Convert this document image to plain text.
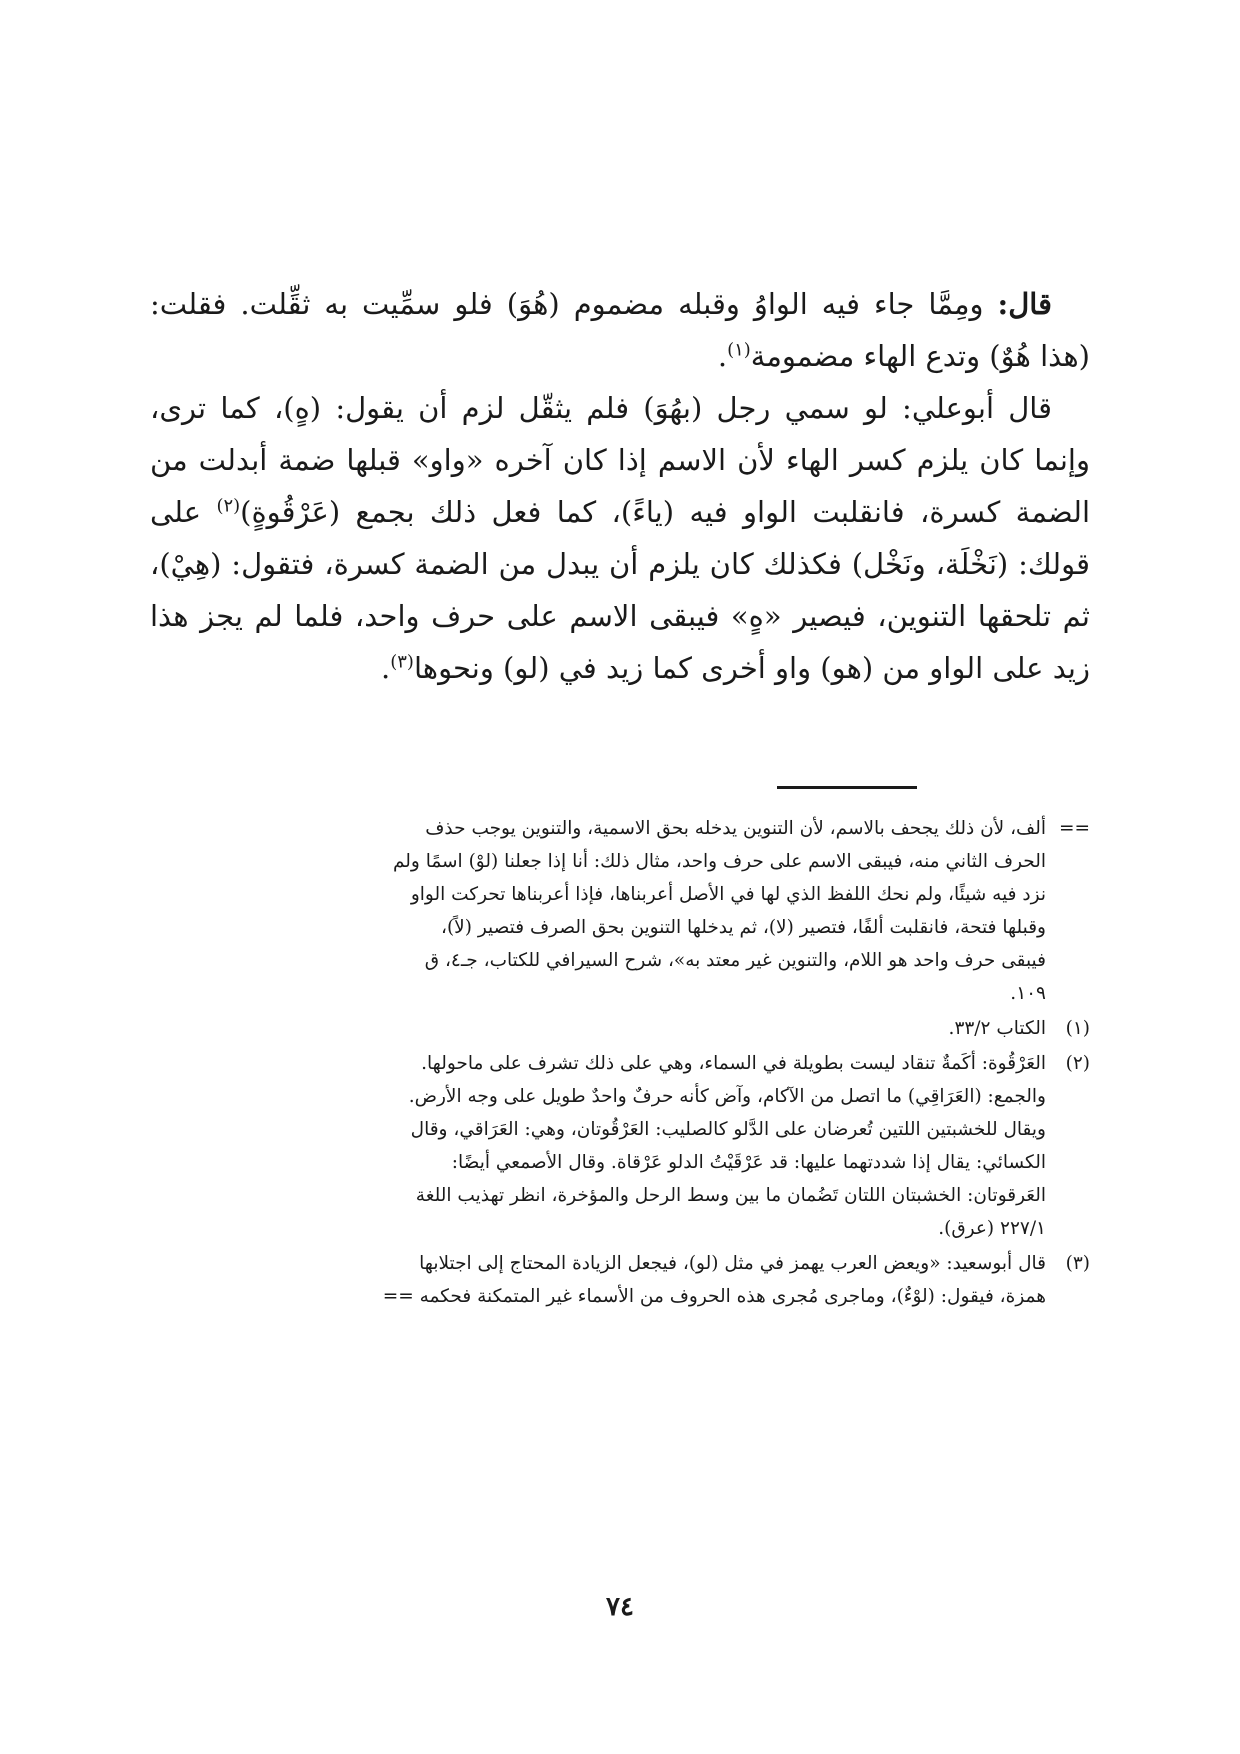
قال: ومِمَّا جاء فيه الواوُ وقبله مضموم (هُوَ) فلو سمِّيت به ثقِّلت. فقلت: (هذا هُوٌ) وتدع الهاء مضمومة$^{(١)}$.

قال أبوعلي: لو سمي رجل (بهُوَ) فلم يثقّل لزم أن يقول: (هٍ)، كما ترى، وإنما كان يلزم كسر الهاء لأن الاسم إذا كان آخره «واو» قبلها ضمة أبدلت من الضمة كسرة، فانقلبت الواو فيه (ياءً)، كما فعل ذلك بجمع (عَرْقُوةٍ)$^{(٢)}$ على قولك: (نَخْلَة، ونَخْل) فكذلك كان يلزم أن يبدل من الضمة كسرة، فتقول: (هِيْ)، ثم تلحقها التنوين، فيصير «هٍ» فيبقى الاسم على حرف واحد، فلما لم يجز هذا زيد على الواو من (هو) واو أخرى كما زيد في (لو) ونحوها$^{(٣)}$.

==
ألف، لأن ذلك يجحف بالاسم، لأن التنوين يدخله بحق الاسمية، والتنوين يوجب حذف
الحرف الثاني منه، فيبقى الاسم على حرف واحد، مثال ذلك: أنا إذا جعلنا (لوْ) اسمًا ولم
نزد فيه شيئًا، ولم نحك اللفظ الذي لها في الأصل أعربناها، فإذا أعربناها تحركت الواو
وقبلها فتحة، فانقلبت ألفًا، فتصير (لا)، ثم يدخلها التنوين بحق الصرف فتصير (لاً)،
فيبقى حرف واحد هو اللام، والتنوين غير معتد به»، شرح السيرافي للكتاب، جـ٤، ق
١٠٩.
(١)
الكتاب ٣٣/٢.
(٢)
العَرْقُوة: أكَمةٌ تنقاد ليست بطويلة في السماء، وهي على ذلك تشرف على ماحولها.
والجمع: (العَرَاقِي) ما اتصل من الآكام، وآض كأنه حرفٌ واحدٌ طويل على وجه الأرض.
ويقال للخشبتين اللتين تُعرضان على الدَّلو كالصليب: العَرْقُوتان، وهي: العَرَاقي، وقال
الكسائي: يقال إذا شددتهما عليها: قد عَرْقَيْتُ الدلو عَرْقاة. وقال الأصمعي أيضًا:
العَرقوتان: الخشبتان اللتان تَضُمان ما بين وسط الرحل والمؤخرة، انظر تهذيب اللغة
٢٢٧/١ (عرق).
(٣)
قال أبوسعيد: «ويعض العرب يهمز في مثل (لو)، فيجعل الزيادة المحتاج إلى اجتلابها
همزة، فيقول: (لوْءٌ)، وماجرى مُجرى هذه الحروف من الأسماء غير المتمكنة فحكمه ==
٧٤
